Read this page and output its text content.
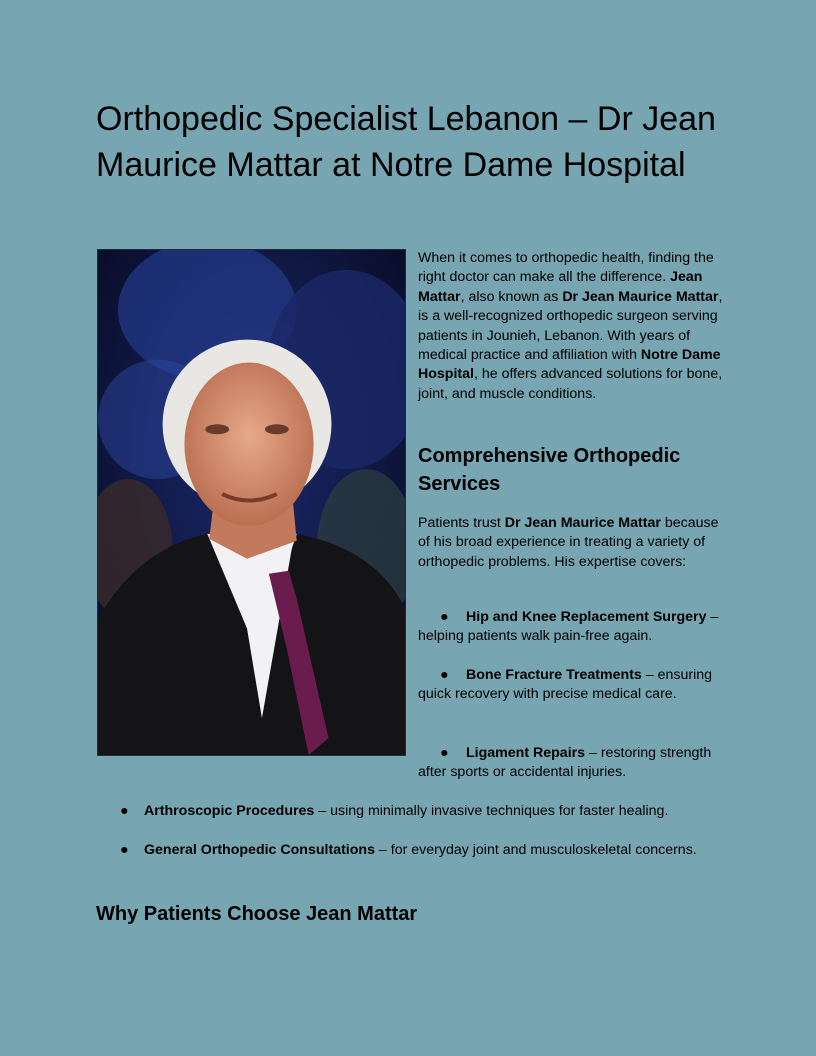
Orthopedic Specialist Lebanon – Dr Jean Maurice Mattar at Notre Dame Hospital

When it comes to orthopedic health, finding the right doctor can make all the difference. Jean Mattar, also known as Dr Jean Maurice Mattar, is a well-recognized orthopedic surgeon serving patients in Jounieh, Lebanon. With years of medical practice and affiliation with Notre Dame Hospital, he offers advanced solutions for bone, joint, and muscle conditions.

Comprehensive Orthopedic Services

Patients trust Dr Jean Maurice Mattar because of his broad experience in treating a variety of orthopedic problems. His expertise covers:

● Hip and Knee Replacement Surgery – helping patients walk pain-free again.

● Bone Fracture Treatments – ensuring quick recovery with precise medical care.

● Ligament Repairs – restoring strength after sports or accidental injuries.

● Arthroscopic Procedures – using minimally invasive techniques for faster healing.

● General Orthopedic Consultations – for everyday joint and musculoskeletal concerns.

Why Patients Choose Jean Mattar
